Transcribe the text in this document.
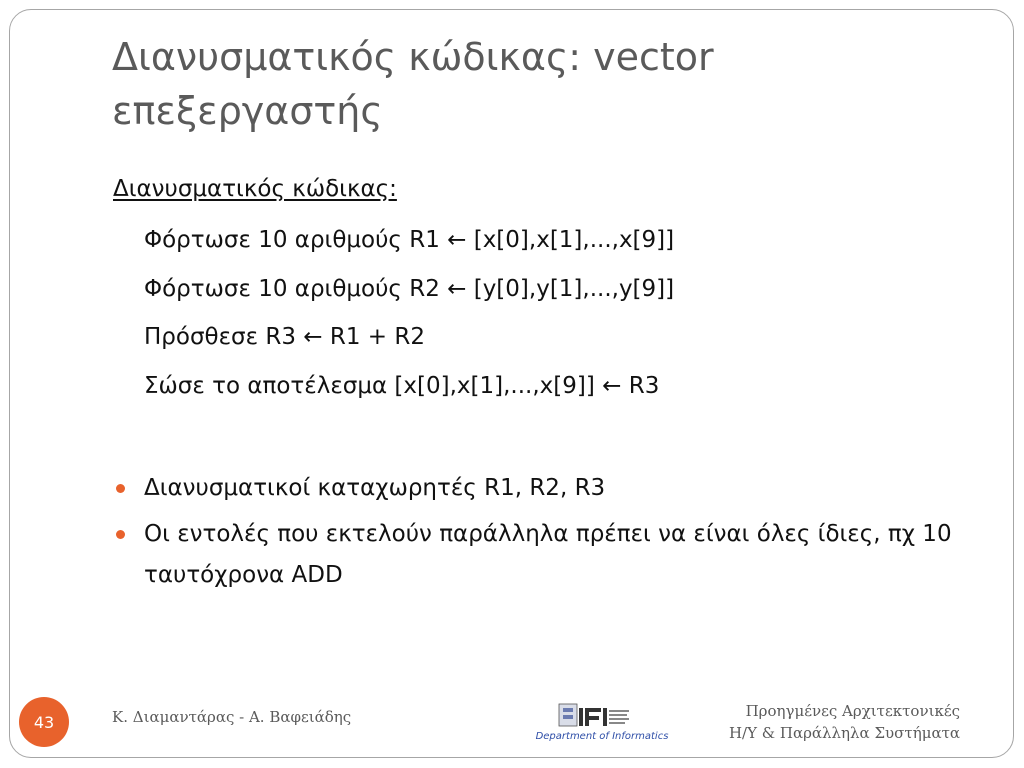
Διανυσματικός κώδικας: vector επεξεργαστής
Διανυσματικός κώδικας:
Φόρτωσε 10 αριθμούς R1 ← [x[0],x[1],...,x[9]]
Φόρτωσε 10 αριθμούς R2 ← [y[0],y[1],...,y[9]]
Πρόσθεσε R3 ← R1 + R2
Σώσε το αποτέλεσμα [x[0],x[1],...,x[9]] ← R3
Διανυσματικοί καταχωρητές R1, R2, R3
Οι εντολές που εκτελούν παράλληλα πρέπει να είναι όλες ίδιες, πχ 10 ταυτόχρονα ADD
43	Κ. Διαμαντάρας - Α. Βαφειάδης
Department of Informatics
Προηγμένες Αρχιτεκτονικές
Η/Υ & Παράλληλα Συστήματα
